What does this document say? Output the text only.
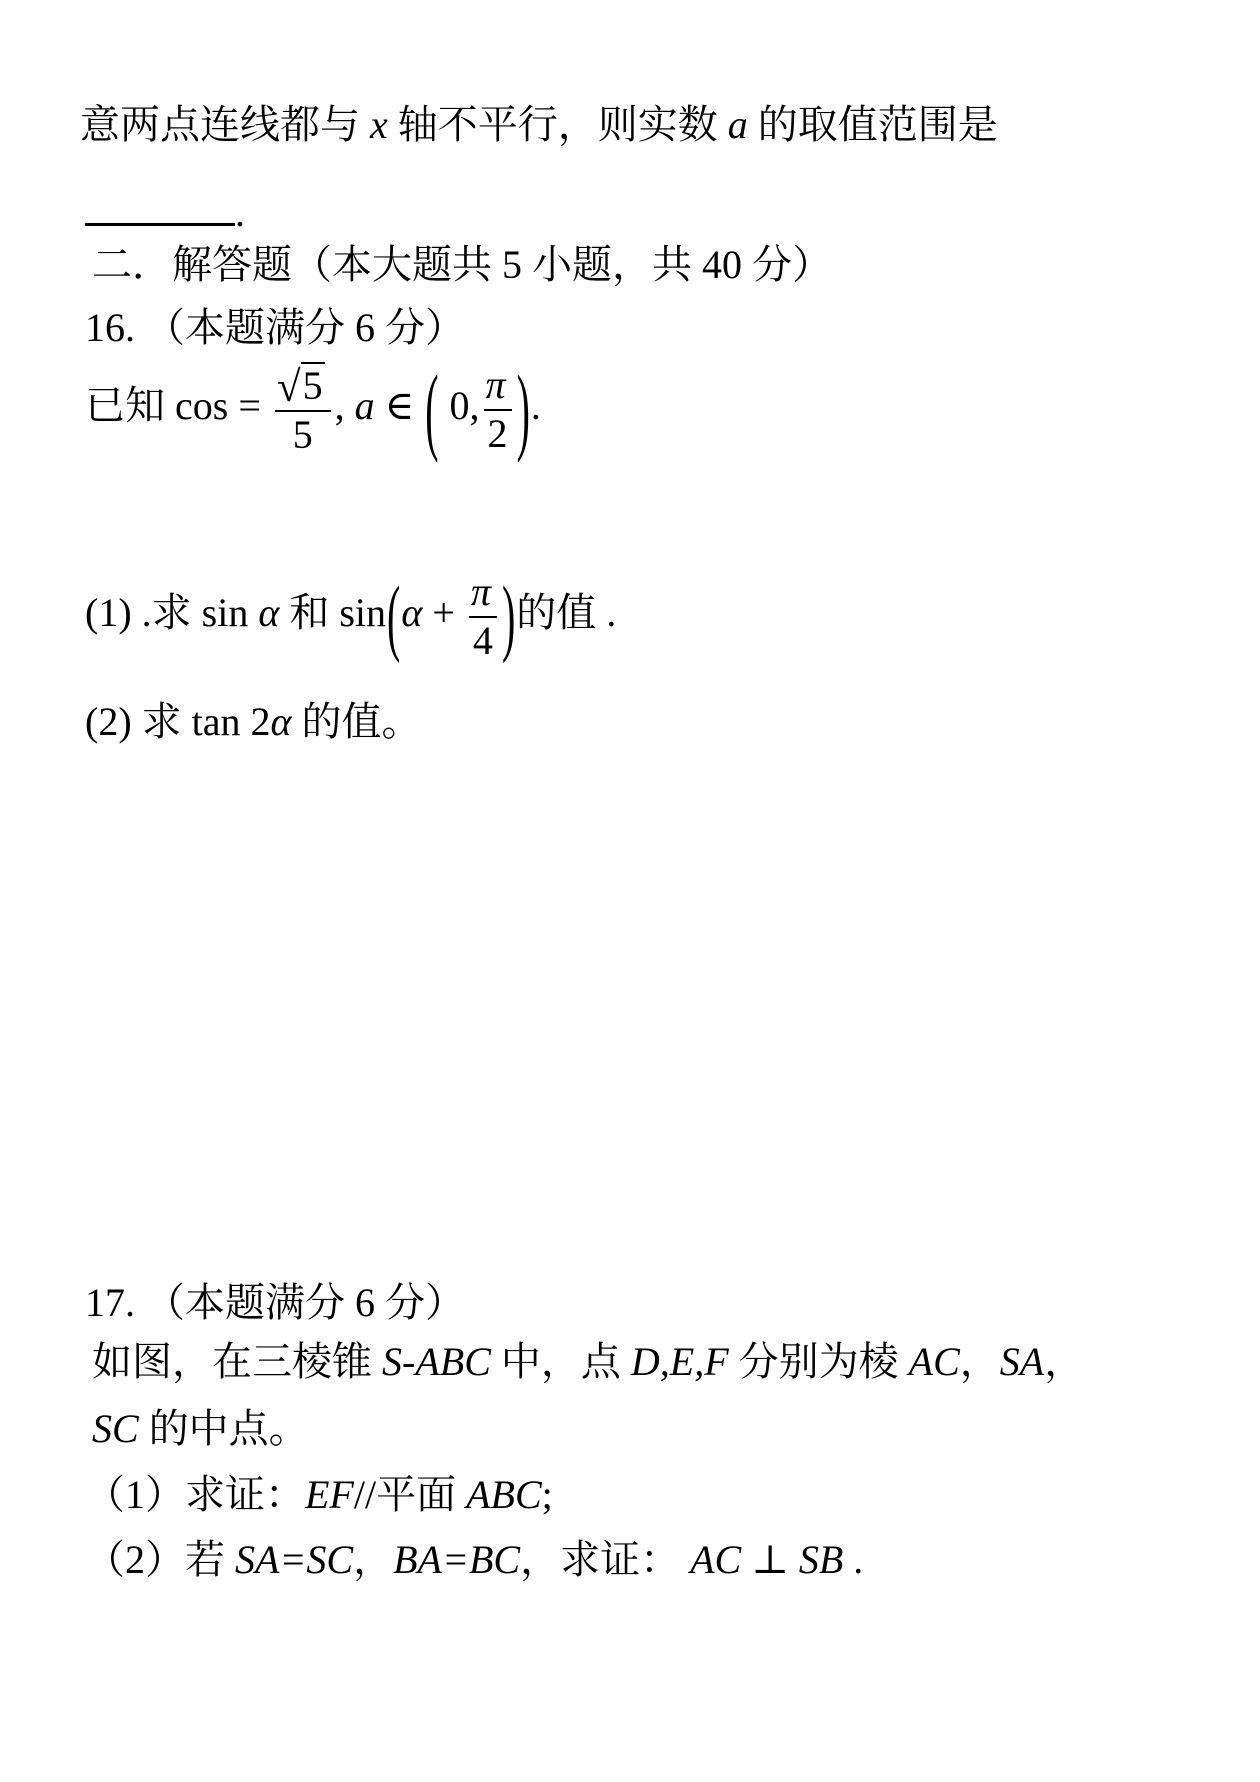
意两点连线都与 x 轴不平行，则实数 a 的取值范围是
.
二．解答题（本大题共 5 小题，共 40 分）
16. （本题满分 6 分）
已知 $\cos = \frac{√ 5}{5}$ , a ∈ ( 0, $\frac{\pi}{2}$ ).
(1) .求 sin α 和 $\sin(\alpha + \frac{\pi}{4}$ )的值 .
(2) 求 tan 2α 的值。
17. （本题满分 6 分）
如图，在三棱锥 S-ABC 中，点 D,E,F 分别为棱 AC，SA，
SC 的中点。
（1）求证：EF//平面 ABC;
（2）若 SA=SC，BA=BC，求证： AC ⊥ SB .
